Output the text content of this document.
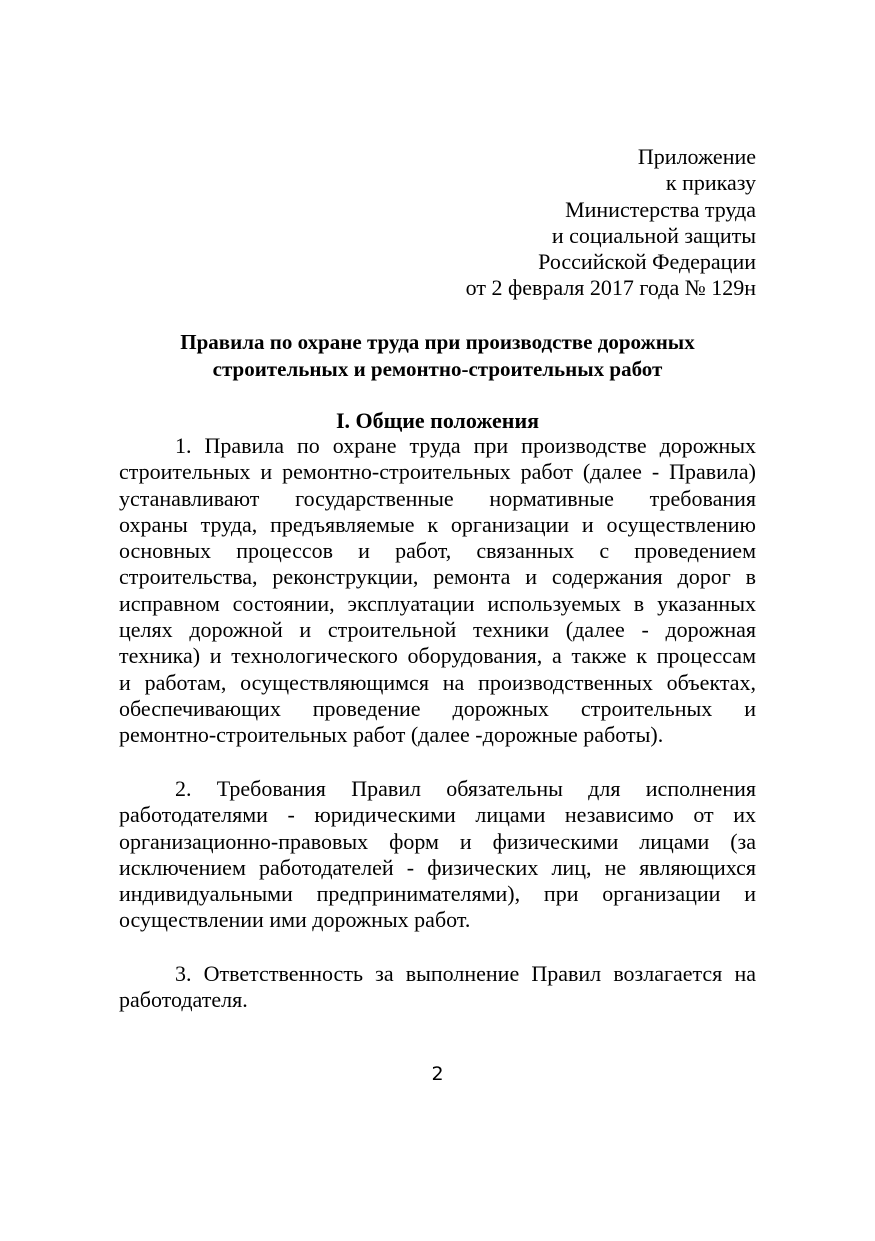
Приложение
к приказу
Министерства труда
и социальной защиты
Российской Федерации
от 2 февраля 2017 года № 129н
Правила по охране труда при производстве дорожных
строительных и ремонтно-строительных работ
I. Общие положения
1. Правила по охране труда при производстве дорожных
строительных и ремонтно-строительных работ (далее - Правила)
устанавливают государственные нормативные требования
охраны труда, предъявляемые к организации и осуществлению
основных процессов и работ, связанных с проведением
строительства, реконструкции, ремонта и содержания дорог в
исправном состоянии, эксплуатации используемых в указанных
целях дорожной и строительной техники (далее - дорожная
техника) и технологического оборудования, а также к процессам
и работам, осуществляющимся на производственных объектах,
обеспечивающих проведение дорожных строительных и
ремонтно-строительных работ (далее -дорожные работы).
2. Требования Правил обязательны для исполнения
работодателями - юридическими лицами независимо от их
организационно-правовых форм и физическими лицами (за
исключением работодателей - физических лиц, не являющихся
индивидуальными предпринимателями), при организации и
осуществлении ими дорожных работ.
3. Ответственность за выполнение Правил возлагается на
работодателя.
2
